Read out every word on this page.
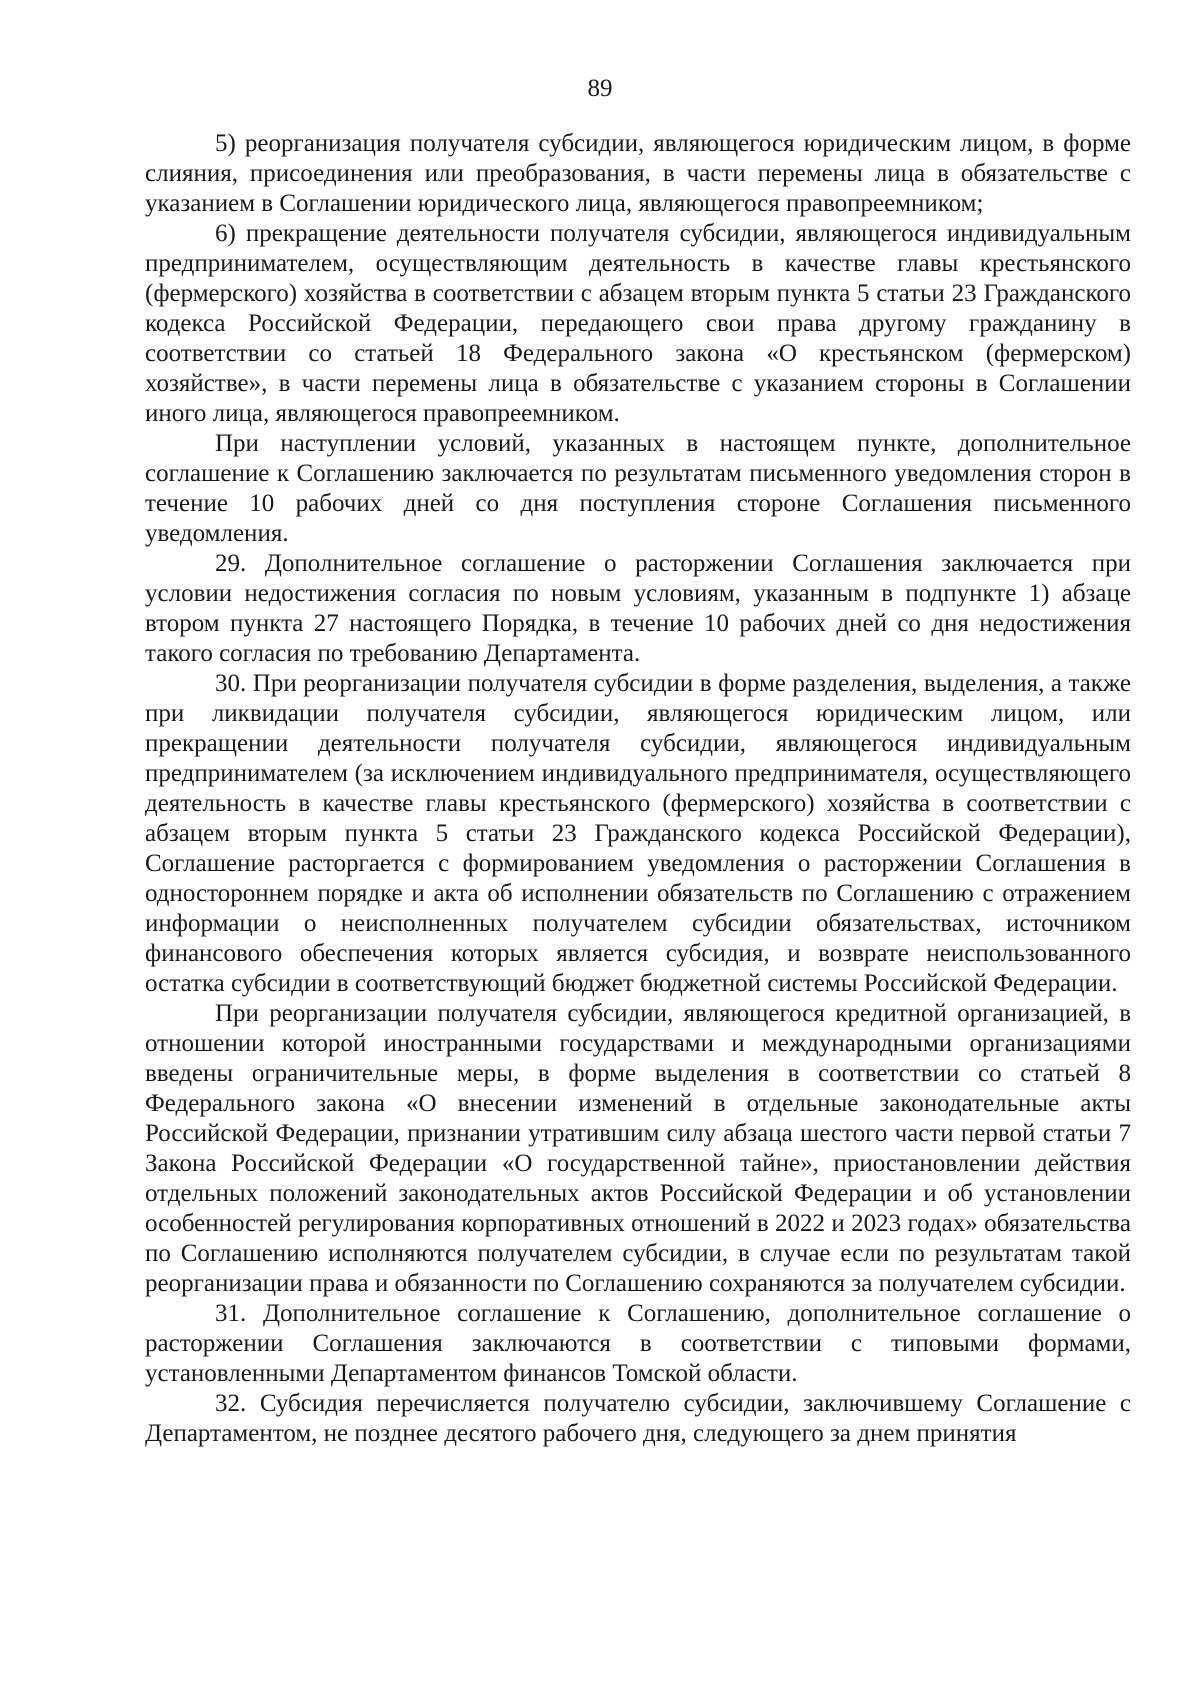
89

5) реорганизация получателя субсидии, являющегося юридическим лицом, в форме слияния, присоединения или преобразования, в части перемены лица в обязательстве с указанием в Соглашении юридического лица, являющегося правопреемником;

6) прекращение деятельности получателя субсидии, являющегося индивидуальным предпринимателем, осуществляющим деятельность в качестве главы крестьянского (фермерского) хозяйства в соответствии с абзацем вторым пункта 5 статьи 23 Гражданского кодекса Российской Федерации, передающего свои права другому гражданину в соответствии со статьей 18 Федерального закона «О крестьянском (фермерском) хозяйстве», в части перемены лица в обязательстве с указанием стороны в Соглашении иного лица, являющегося правопреемником.

При наступлении условий, указанных в настоящем пункте, дополнительное соглашение к Соглашению заключается по результатам письменного уведомления сторон в течение 10 рабочих дней со дня поступления стороне Соглашения письменного уведомления.

29. Дополнительное соглашение о расторжении Соглашения заключается при условии недостижения согласия по новым условиям, указанным в подпункте 1) абзаце втором пункта 27 настоящего Порядка, в течение 10 рабочих дней со дня недостижения такого согласия по требованию Департамента.

30. При реорганизации получателя субсидии в форме разделения, выделения, а также при ликвидации получателя субсидии, являющегося юридическим лицом, или прекращении деятельности получателя субсидии, являющегося индивидуальным предпринимателем (за исключением индивидуального предпринимателя, осуществляющего деятельность в качестве главы крестьянского (фермерского) хозяйства в соответствии с абзацем вторым пункта 5 статьи 23 Гражданского кодекса Российской Федерации), Соглашение расторгается с формированием уведомления о расторжении Соглашения в одностороннем порядке и акта об исполнении обязательств по Соглашению с отражением информации о неисполненных получателем субсидии обязательствах, источником финансового обеспечения которых является субсидия, и возврате неиспользованного остатка субсидии в соответствующий бюджет бюджетной системы Российской Федерации.

При реорганизации получателя субсидии, являющегося кредитной организацией, в отношении которой иностранными государствами и международными организациями введены ограничительные меры, в форме выделения в соответствии со статьей 8 Федерального закона «О внесении изменений в отдельные законодательные акты Российской Федерации, признании утратившим силу абзаца шестого части первой статьи 7 Закона Российской Федерации «О государственной тайне», приостановлении действия отдельных положений законодательных актов Российской Федерации и об установлении особенностей регулирования корпоративных отношений в 2022 и 2023 годах» обязательства по Соглашению исполняются получателем субсидии, в случае если по результатам такой реорганизации права и обязанности по Соглашению сохраняются за получателем субсидии.

31. Дополнительное соглашение к Соглашению, дополнительное соглашение о расторжении Соглашения заключаются в соответствии с типовыми формами, установленными Департаментом финансов Томской области.

32. Субсидия перечисляется получателю субсидии, заключившему Соглашение с Департаментом, не позднее десятого рабочего дня, следующего за днем принятия
